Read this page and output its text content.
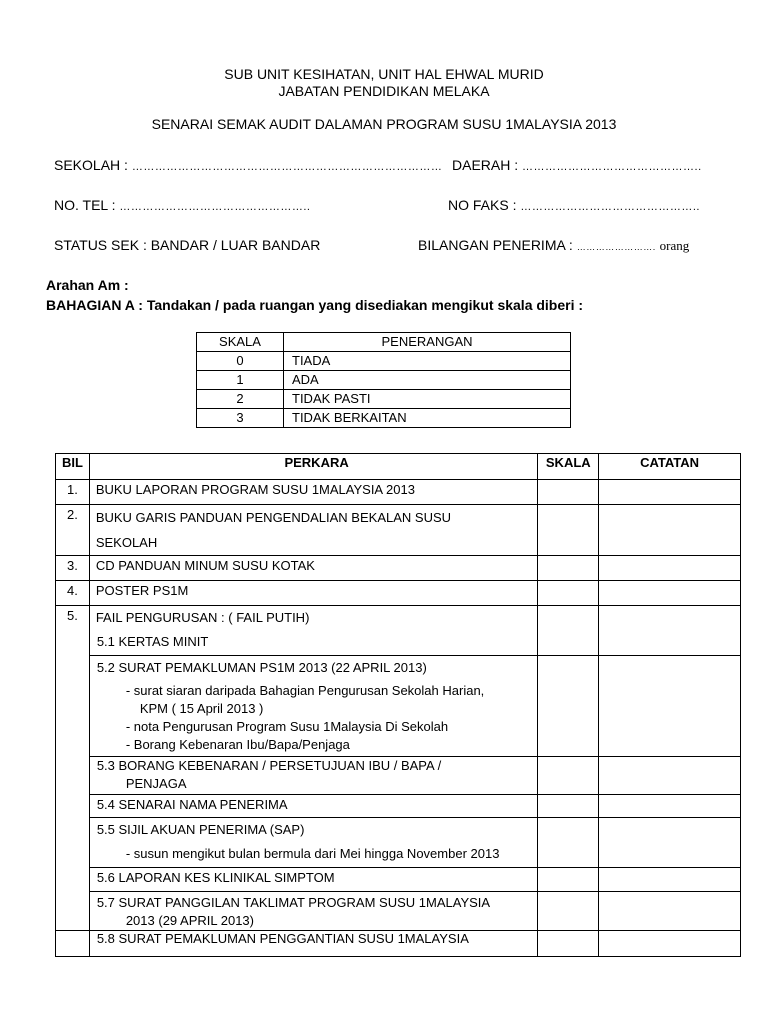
SUB UNIT KESIHATAN, UNIT HAL EHWAL MURID
JABATAN PENDIDIKAN MELAKA
SENARAI SEMAK AUDIT DALAMAN PROGRAM SUSU 1MALAYSIA 2013
SEKOLAH : ……………………………………………………………………… DAERAH : ………………………………………..
NO. TEL : …………………………………………..	NO FAKS : ………………………………………..
STATUS SEK : BANDAR / LUAR BANDAR	BILANGAN PENERIMA : ……………………. orang
Arahan Am :
BAHAGIAN A : Tandakan / pada ruangan yang disediakan mengikut skala diberi :
SKALA	PENERANGAN
0	TIADA
1	ADA
2	TIDAK PASTI
3	TIDAK BERKAITAN
BIL	PERKARA	SKALA	CATATAN
1.	BUKU LAPORAN PROGRAM SUSU 1MALAYSIA 2013		
2.	BUKU GARIS PANDUAN PENGENDALIAN BEKALAN SUSU
SEKOLAH		

3.	CD PANDUAN MINUM SUSU KOTAK		
4.	POSTER PS1M		
5.	FAIL PENGURUSAN : ( FAIL PUTIH)
5.1 KERTAS MINIT		

	5.2 SURAT PEMAKLUMAN PS1M 2013 (22 APRIL 2013)
- surat siaran daripada Bahagian Pengurusan Sekolah Harian,
KPM ( 15 April 2013 )
- nota Pengurusan Program Susu 1Malaysia Di Sekolah
- Borang Kebenaran Ibu/Bapa/Penjaga		

	5.3 BORANG KEBENARAN / PERSETUJUAN IBU / BAPA /
PENJAGA		

	5.4 SENARAI NAMA PENERIMA		

	5.5 SIJIL AKUAN PENERIMA (SAP)
- susun mengikut bulan bermula dari Mei hingga November 2013		

	5.6 LAPORAN KES KLINIKAL SIMPTOM		

	5.7 SURAT PANGGILAN TAKLIMAT PROGRAM SUSU 1MALAYSIA
2013 (29 APRIL 2013)		

	5.8 SURAT PEMAKLUMAN PENGGANTIAN SUSU 1MALAYSIA		
